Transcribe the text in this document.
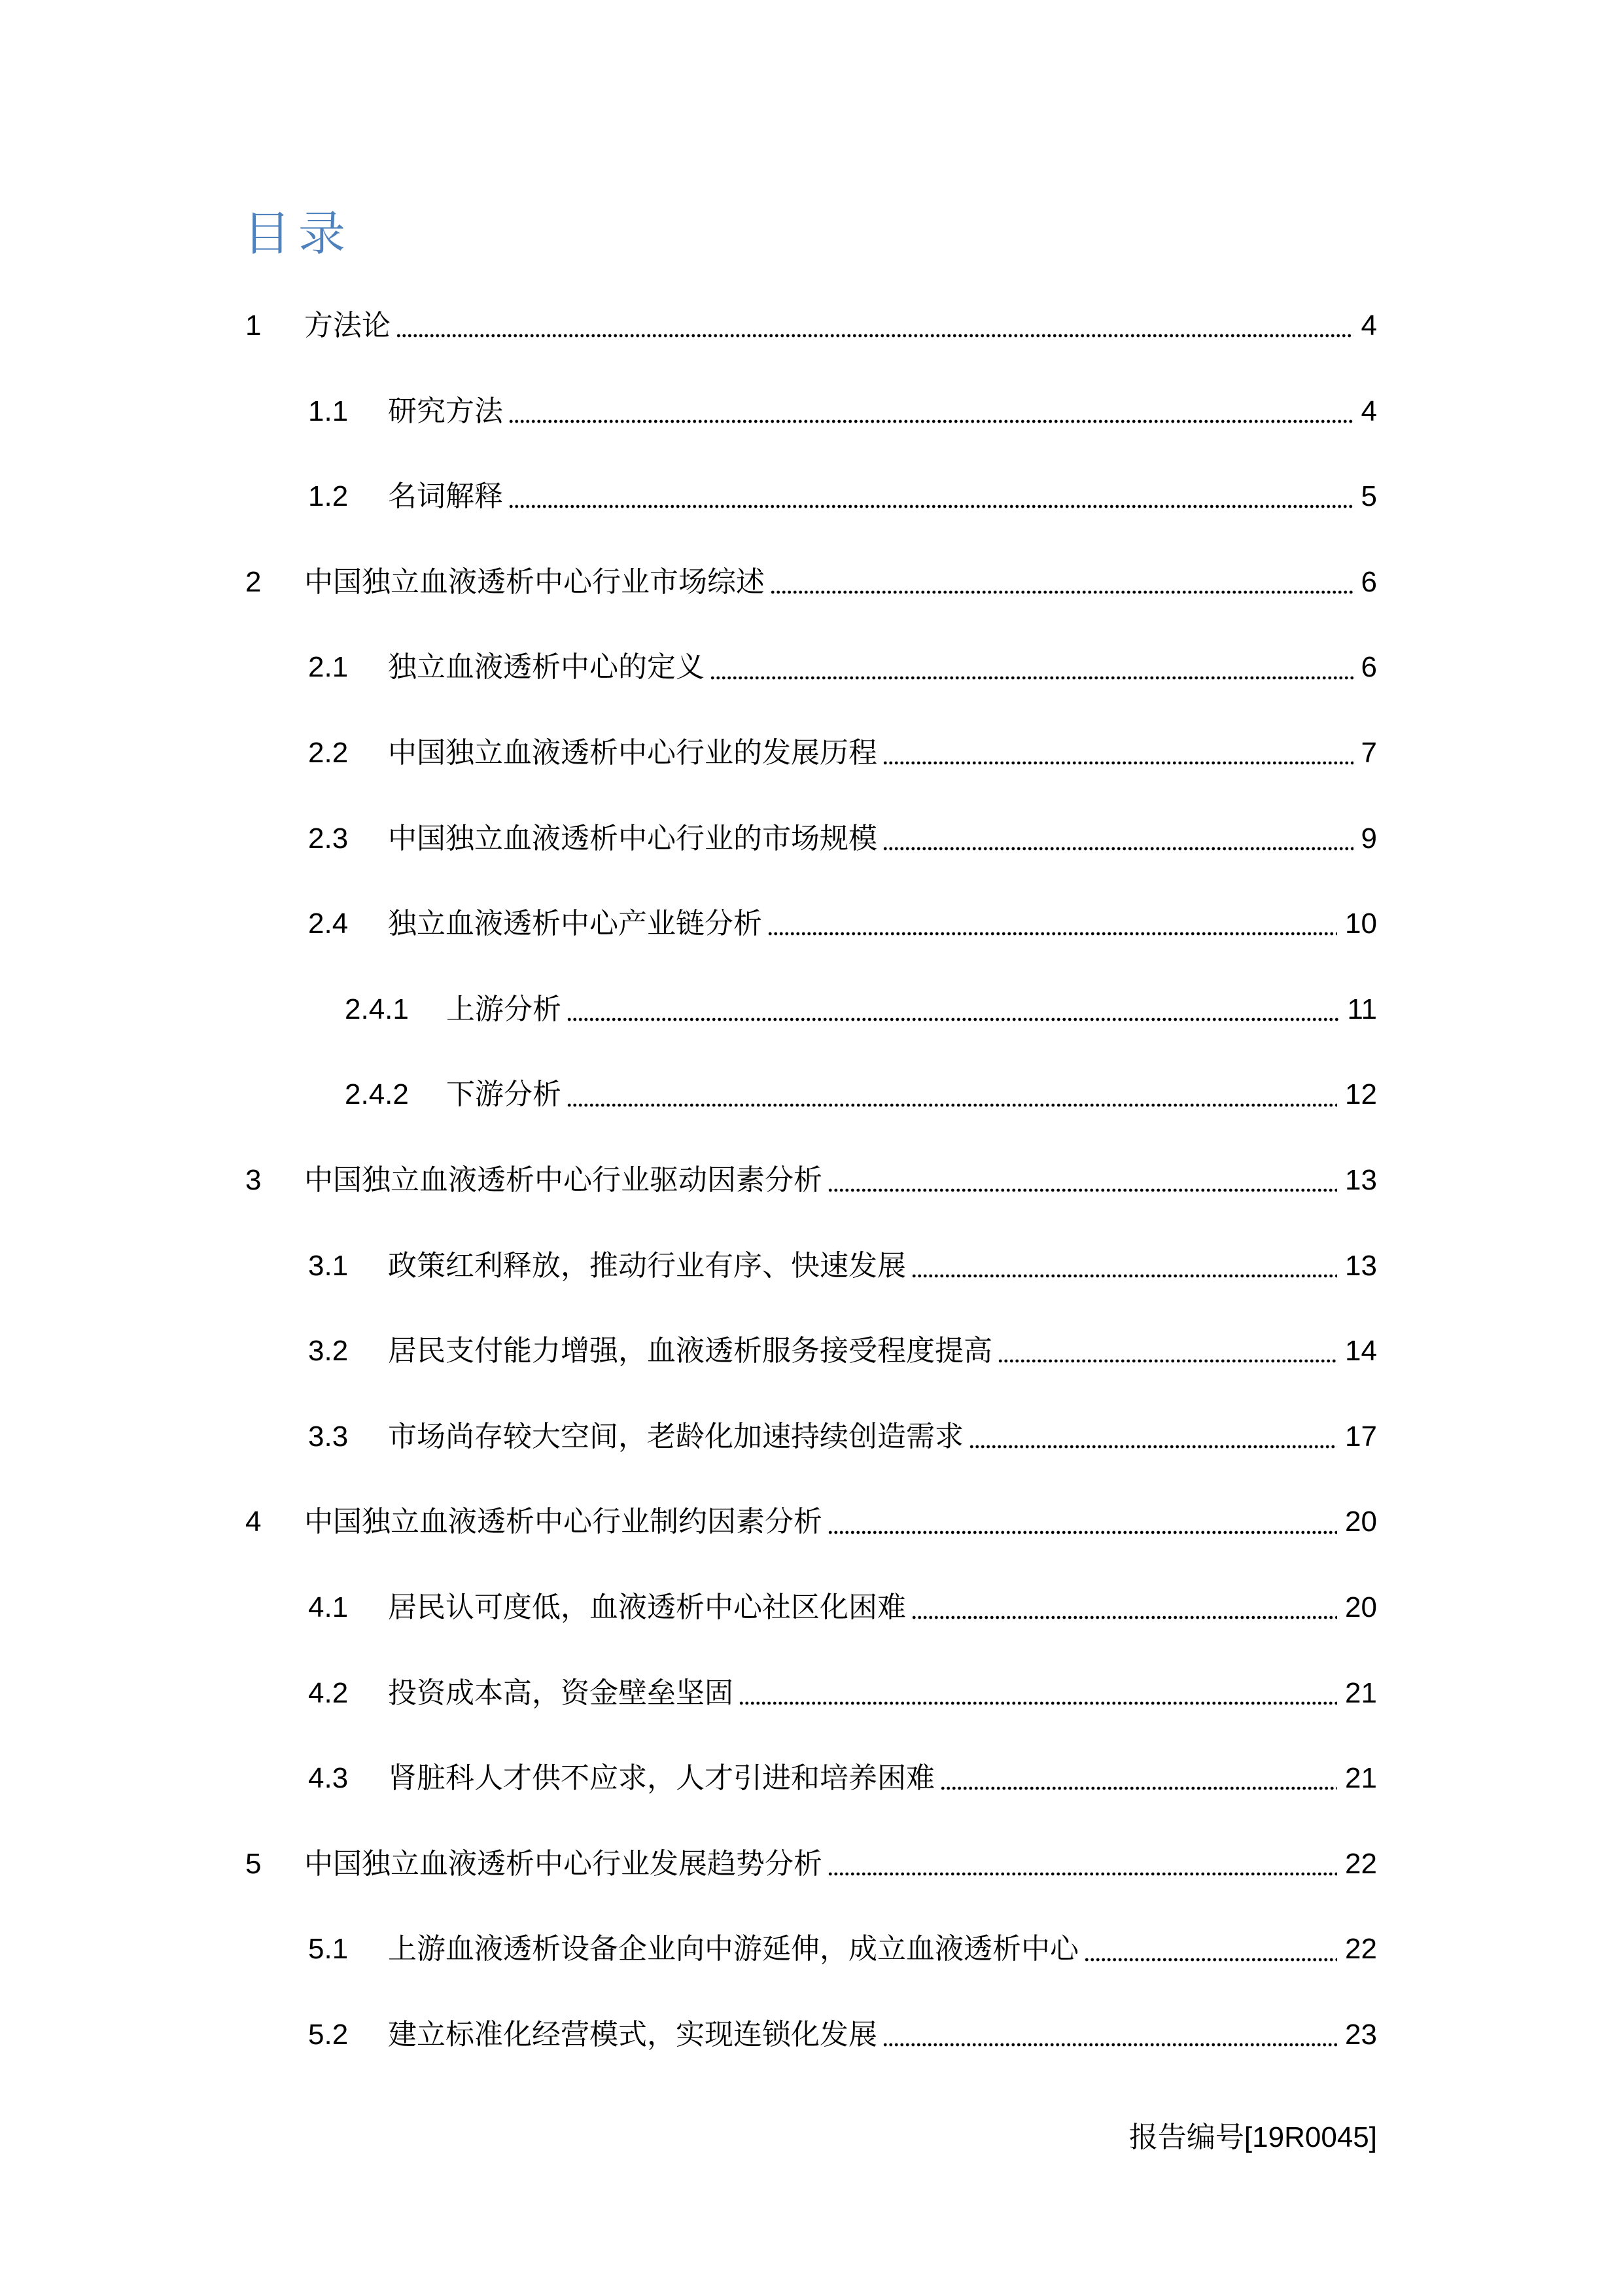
目录
1	方法论	4
1.1	研究方法	4
1.2	名词解释	5
2	中国独立血液透析中心行业市场综述	6
2.1	独立血液透析中心的定义	6
2.2	中国独立血液透析中心行业的发展历程	7
2.3	中国独立血液透析中心行业的市场规模	9
2.4	独立血液透析中心产业链分析	10
2.4.1	上游分析	11
2.4.2	下游分析	12
3	中国独立血液透析中心行业驱动因素分析	13
3.1	政策红利释放，推动行业有序、快速发展	13
3.2	居民支付能力增强，血液透析服务接受程度提高	14
3.3	市场尚存较大空间，老龄化加速持续创造需求	17
4	中国独立血液透析中心行业制约因素分析	20
4.1	居民认可度低，血液透析中心社区化困难	20
4.2	投资成本高，资金壁垒坚固	21
4.3	肾脏科人才供不应求，人才引进和培养困难	21
5	中国独立血液透析中心行业发展趋势分析	22
5.1	上游血液透析设备企业向中游延伸，成立血液透析中心	22
5.2	建立标准化经营模式，实现连锁化发展	23
报告编号[19R0045]
